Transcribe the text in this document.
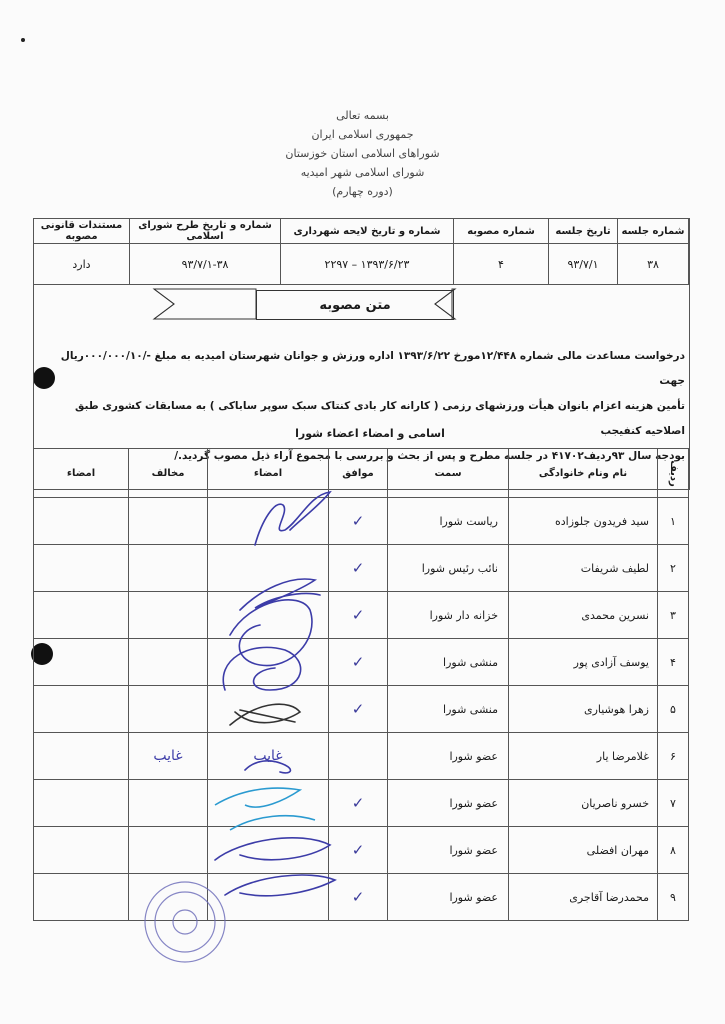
بسمه تعالی
جمهوری اسلامی ایران
شوراهای اسلامی استان خوزستان
شورای اسلامی شهر امیدیه
(دوره چهارم)
شماره جلسه	تاریخ جلسه	شماره مصوبه	شماره و تاریخ لایحه شهرداری	شماره و تاریخ طرح شورای اسلامی	مستندات قانونی مصوبه
۳۸	۹۳/۷/۱	۴	۱۳۹۳/۶/۲۳ – ۲۲۹۷	۹۳/۷/۱-۳۸	دارد
متن مصوبه
درخواست مساعدت مالی شماره ۱۲/۴۴۸مورخ ۱۳۹۳/۶/۲۲ اداره ورزش و جوانان شهرستان امیدیه به مبلغ -/۰۰۰/۰۰۰/۱۰ریال جهت
تأمین هزینه اعزام بانوان هیأت ورزشهای رزمی ( کارانه کار بادی کنتاک سبک سوپر ساباکی ) به مسابقات کشوری طبق اصلاحیه کنفیجب
بودجه سال ۹۳ردیف۴۱۷۰۲ در جلسه مطرح و پس از بحث و بررسی با مجموع آراء ذیل مصوب گردید./
اسامی و امضاء اعضاء شورا
ردیف	نام ونام خانوادگی	سمت	موافق	امضاء	مخالف	امضاء
۱	سید فریدون جلوزاده	ریاست شورا	✓			
۲	لطیف شریفات	نائب رئیس شورا	✓			
۳	نسرین محمدی	خزانه دار شورا	✓			
۴	یوسف آزادی پور	منشی شورا	✓			
۵	زهرا هوشیاری	منشی شورا	✓			
۶	غلامرضا یار	عضو شورا		غایب	غایب	
۷	خسرو ناصریان	عضو شورا	✓			
۸	مهران افضلی	عضو شورا	✓			
۹	محمدرضا آقاجری	عضو شورا	✓			
